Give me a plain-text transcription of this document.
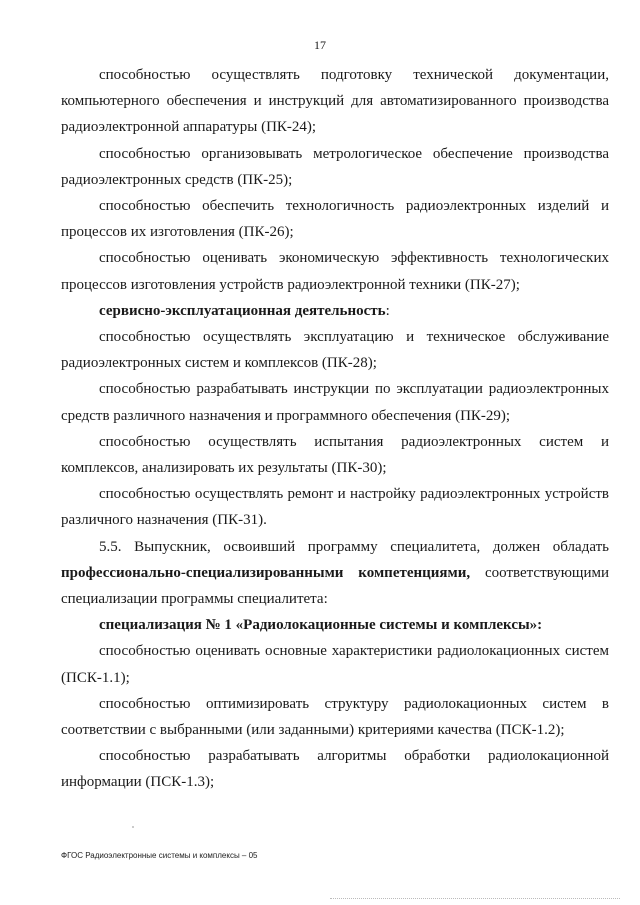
17

способностью осуществлять подготовку технической документации, компьютерного обеспечения и инструкций для автоматизированного производства радиоэлектронной аппаратуры (ПК-24);

способностью организовывать метрологическое обеспечение производства радиоэлектронных средств (ПК-25);

способностью обеспечить технологичность радиоэлектронных изделий и процессов их изготовления (ПК-26);

способностью оценивать экономическую эффективность технологических процессов изготовления устройств радиоэлектронной техники (ПК-27);

сервисно-эксплуатационная деятельность:

способностью осуществлять эксплуатацию и техническое обслуживание радиоэлектронных систем и комплексов (ПК-28);

способностью разрабатывать инструкции по эксплуатации радиоэлектронных средств различного назначения и программного обеспечения (ПК-29);

способностью осуществлять испытания радиоэлектронных систем и комплексов, анализировать их результаты (ПК-30);

способностью осуществлять ремонт и настройку радиоэлектронных устройств различного назначения (ПК-31).

5.5. Выпускник, освоивший программу специалитета, должен обладать профессионально-специализированными компетенциями, соответствующими специализации программы специалитета:

специализация № 1 «Радиолокационные системы и комплексы»:

способностью оценивать основные характеристики радиолокационных систем (ПСК-1.1);

способностью оптимизировать структуру радиолокационных систем в соответствии с выбранными (или заданными) критериями качества (ПСК-1.2);

способностью разрабатывать алгоритмы обработки радиолокационной информации (ПСК-1.3);

ФГОС Радиоэлектронные системы и комплексы – 05
